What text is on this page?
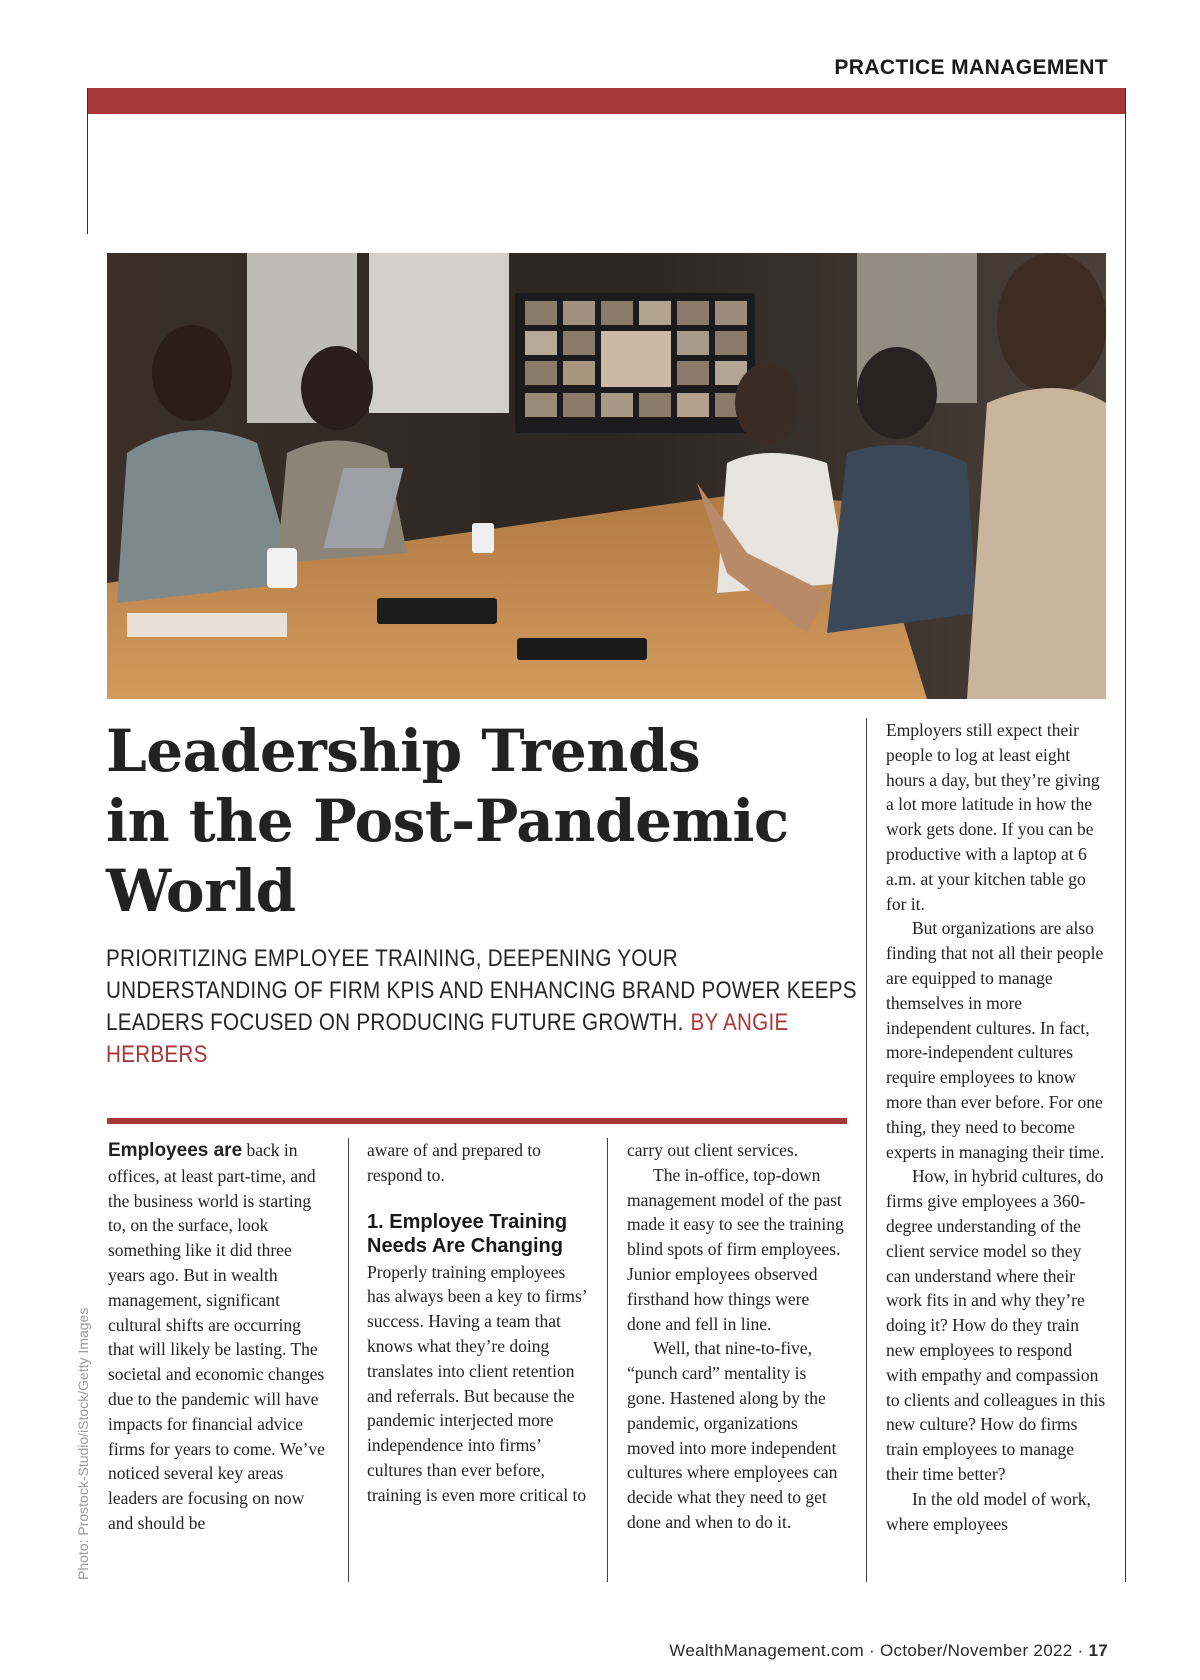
PRACTICE MANAGEMENT
Photo: Prostock-Studio/iStock/Getty Images
Leadership Trends
in the Post-Pandemic
World

PRIORITIZING EMPLOYEE TRAINING, DEEPENING YOUR UNDERSTANDING OF FIRM KPIS AND ENHANCING BRAND POWER KEEPS LEADERS FOCUSED ON PRODUCING FUTURE GROWTH. BY ANGIE HERBERS

Employees are back in offices, at least part-time, and the business world is starting to, on the surface, look something like it did three years ago. But in wealth management, significant cultural shifts are occurring that will likely be lasting. The societal and economic changes due to the pandemic will have impacts for financial advice firms for years to come. We’ve noticed several key areas leaders are focusing on now and should be

aware of and prepared to respond to.

1. Employee Training Needs Are Changing

Properly training employees has always been a key to firms’ success. Having a team that knows what they’re doing translates into client retention and referrals. But because the pandemic interjected more independence into firms’ cultures than ever before, training is even more critical to

carry out client services.

The in-office, top-down management model of the past made it easy to see the training blind spots of firm employees. Junior employees observed firsthand how things were done and fell in line.

Well, that nine-to-five, “punch card” mentality is gone. Hastened along by the pandemic, organizations moved into more independent cultures where employees can decide what they need to get done and when to do it.

Employers still expect their people to log at least eight hours a day, but they’re giving a lot more latitude in how the work gets done. If you can be productive with a laptop at 6 a.m. at your kitchen table go for it.

But organizations are also finding that not all their people are equipped to manage themselves in more independent cultures. In fact, more-independent cultures require employees to know more than ever before. For one thing, they need to become experts in managing their time.

How, in hybrid cultures, do firms give employees a 360-degree understanding of the client service model so they can understand where their work fits in and why they’re doing it? How do they train new employees to respond with empathy and compassion to clients and colleagues in this new culture? How do firms train employees to manage their time better?

In the old model of work, where employees

WealthManagement.com · October/November 2022 · 17
